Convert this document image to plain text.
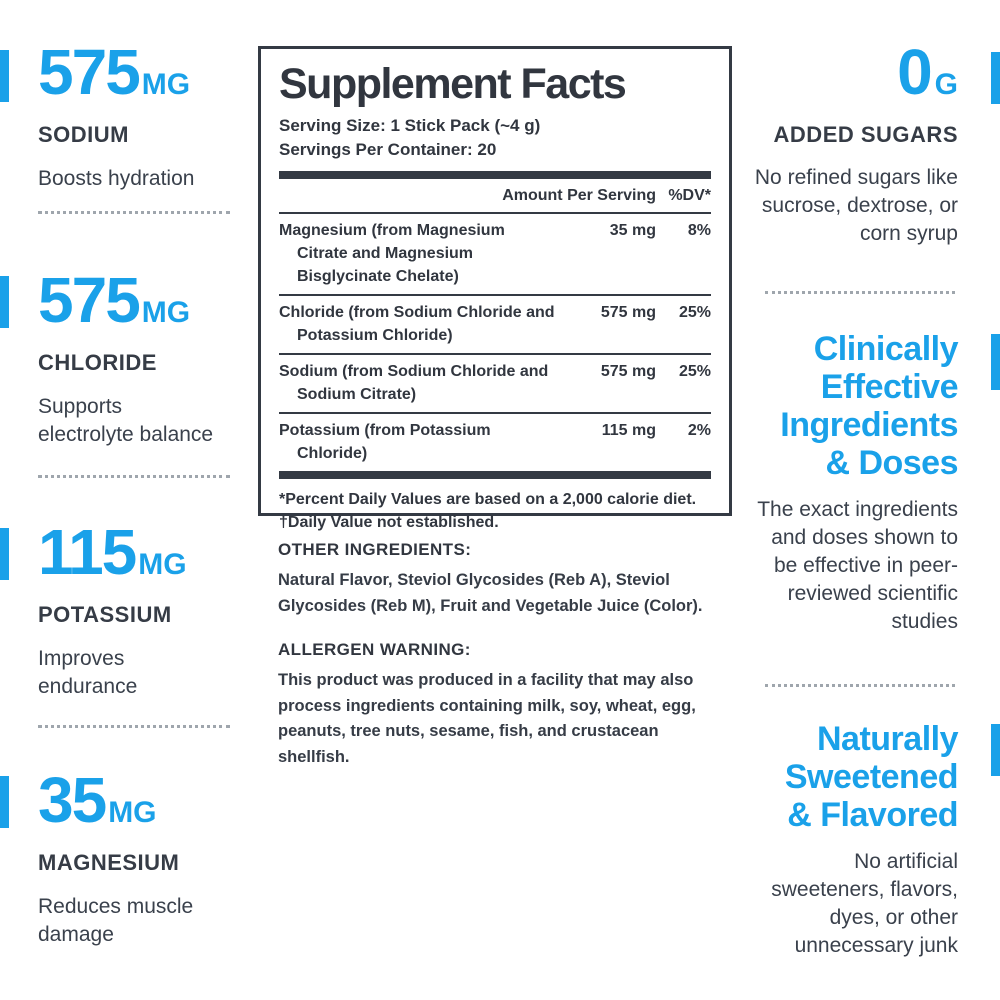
575 MG
SODIUM
Boosts hydration
575 MG
CHLORIDE
Supports electrolyte balance
115 MG
POTASSIUM
Improves endurance
35 MG
MAGNESIUM
Reduces muscle damage
Supplement Facts
Serving Size: 1 Stick Pack (~4 g)
Servings Per Container: 20
Amount Per Serving %DV*
Magnesium (from Magnesium Citrate and Magnesium Bisglycinate Chelate)
35 mg	8%
Chloride (from Sodium Chloride and Potassium Chloride)
575 mg	25%
Sodium (from Sodium Chloride and Sodium Citrate)
575 mg	25%
Potassium (from Potassium Chloride)
115 mg	2%
*Percent Daily Values are based on a 2,000 calorie diet.
†Daily Value not established.
OTHER INGREDIENTS:
Natural Flavor, Steviol Glycosides (Reb A), Steviol Glycosides (Reb M), Fruit and Vegetable Juice (Color).
ALLERGEN WARNING:
This product was produced in a facility that may also process ingredients containing milk, soy, wheat, egg, peanuts, tree nuts, sesame, fish, and crustacean shellfish.
0 G
ADDED SUGARS
No refined sugars like sucrose, dextrose, or corn syrup
Clinically Effective Ingredients & Doses
The exact ingredients and doses shown to be effective in peer-reviewed scientific studies
Naturally Sweetened & Flavored
No artificial sweeteners, flavors, dyes, or other unnecessary junk
